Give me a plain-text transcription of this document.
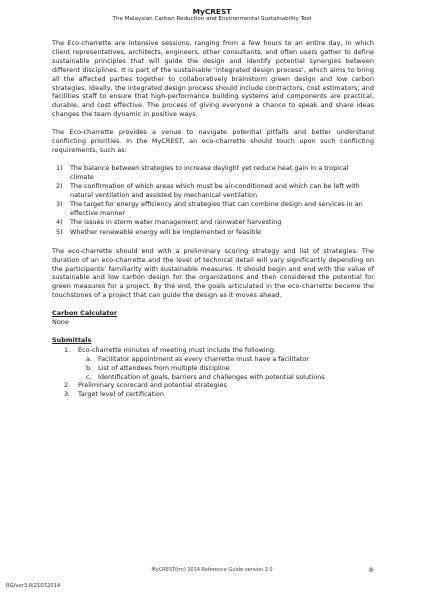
MyCREST
The Malaysian Carbon Reduction and Environmental Sustainability Tool

The Eco-charrette are intensive sessions, ranging from a few hours to an entire day, in which client representatives, architects, engineers, other consultants, and often users gather to define sustainable principles that will guide the design and identify potential synergies between different disciplines. It is part of the sustainable ‘integrated design process’, which aims to bring all the affected parties together to collaboratively brainstorm green design and low carbon strategies. Ideally, the integrated design process should include contractors, cost estimators, and facilities staff to ensure that high-performance building systems and components are practical, durable, and cost effective. The process of giving everyone a chance to speak and share ideas changes the team dynamic in positive ways.

The Eco-charrette provides a venue to navigate potential pitfalls and better understand conflicting priorities. In the MyCREST, an eco-charrette should touch upon such conflicting requirements, such as:

1) The balance between strategies to increase daylight yet reduce heat gain in a tropical climate
2) The confirmation of which areas which must be air-conditioned and which can be left with natural ventilation and assisted by mechanical ventilation
3) The target for energy efficiency and strategies that can combine design and services in an effective manner
4) The issues in storm water management and rainwater harvesting
5) Whether renewable energy will be implemented or feasible

The eco-charrette should end with a preliminary scoring strategy and list of strategies. The duration of an eco-charrette and the level of technical detail will vary significantly depending on the participants’ familiarity with sustainable measures. It should begin and end with the value of sustainable and low carbon design for the organizations and then considered the potential for green measures for a project. By the end, the goals articulated in the eco-charrette become the touchstones of a project that can guide the design as it moves ahead.

Carbon Calculator
None
Submittals
1. Eco-charrette minutes of meeting must include the following:
a. Facilitator appointment as every charrette must have a facilitator
b. List of attendees from multiple discipline
c. Identification of goals, barriers and challenges with potential solutions
2. Preliminary scorecard and potential strategies
3. Target level of certification
MyCREST(tm) 2014 Reference Guide version 3.0	8
RG/ver3.0/21072014
